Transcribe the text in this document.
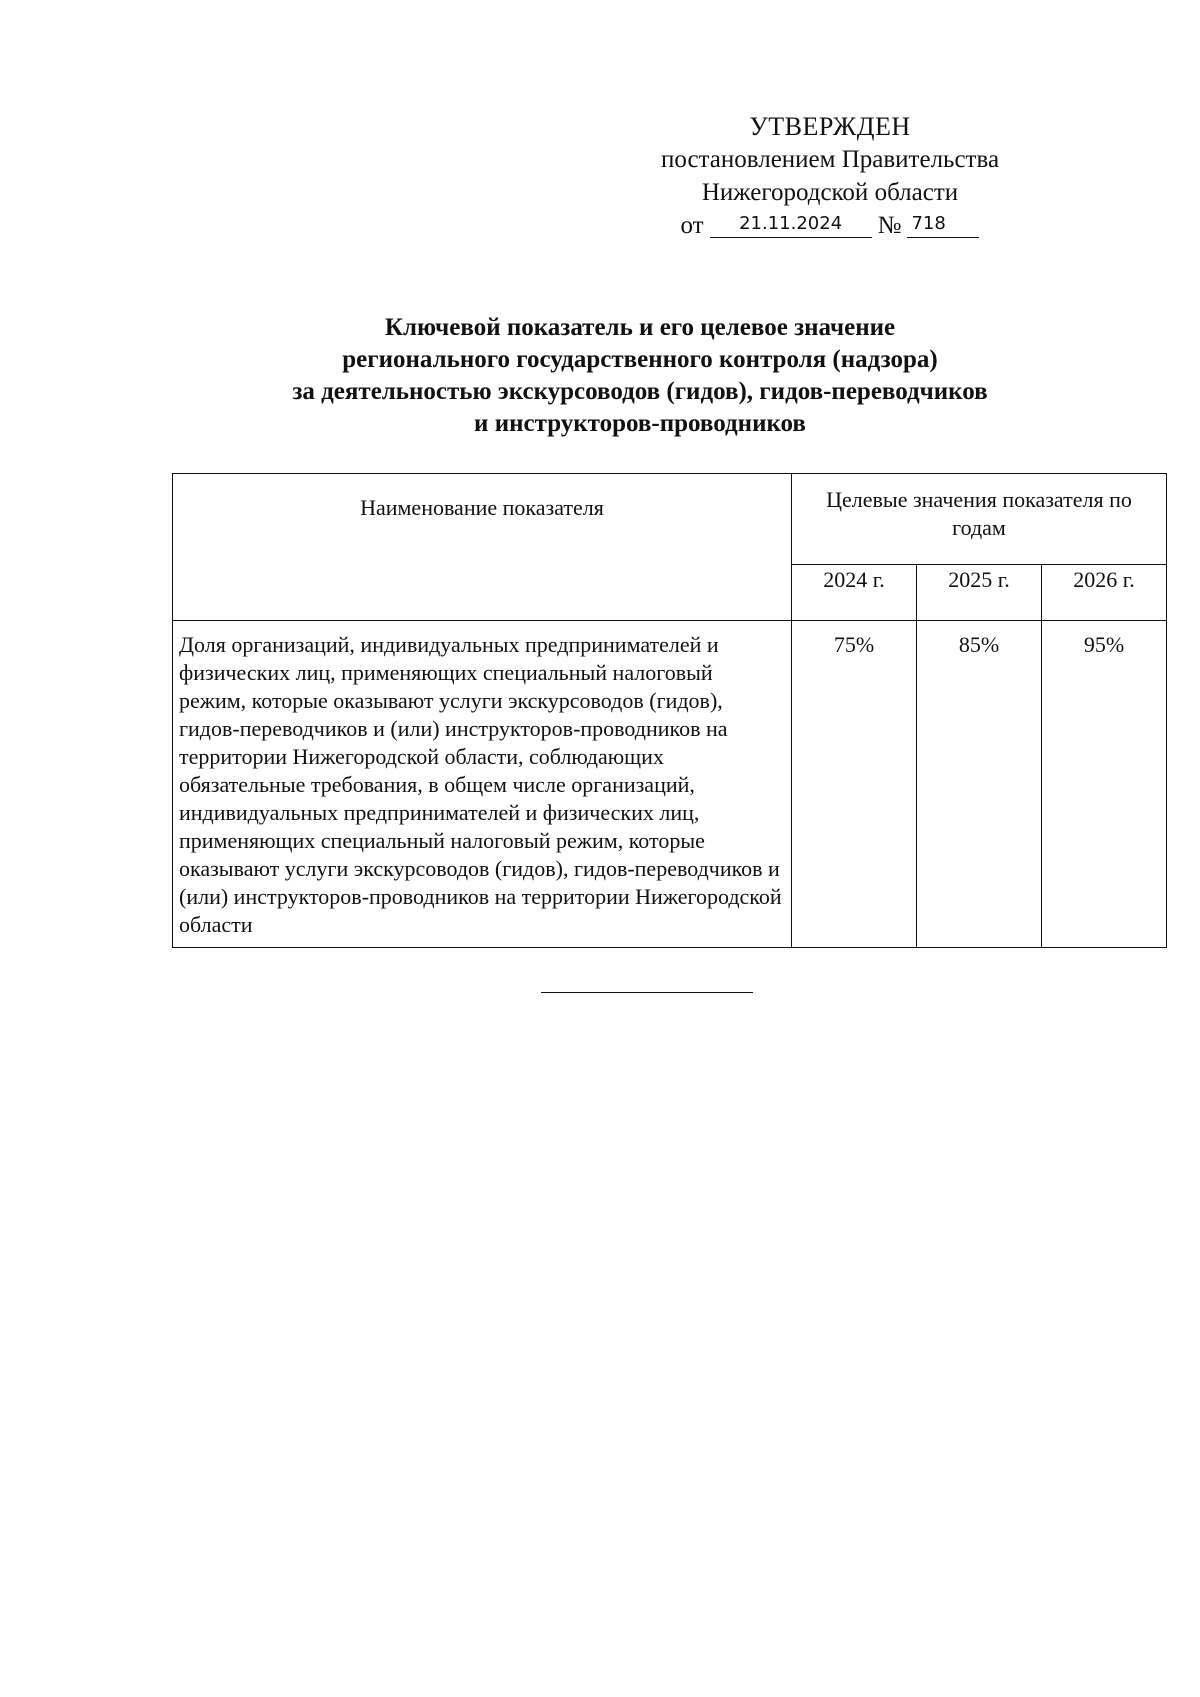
УТВЕРЖДЕН
постановлением Правительства
Нижегородской области
от	21.11.2024	№ 718
Ключевой показатель и его целевое значение
регионального государственного контроля (надзора)
за деятельностью экскурсоводов (гидов), гидов-переводчиков
и инструкторов-проводников
Наименование показателя	Целевые значения показателя по годам		
	2024 г.	2025 г.	2026 г.
Доля организаций, индивидуальных предпринимателей и физических лиц, применяющих специальный налоговый режим, которые оказывают услуги экскурсоводов (гидов), гидов-переводчиков и (или) инструкторов-проводников на территории Нижегородской области, соблюдающих обязательные требования, в общем числе организаций, индивидуальных предпринимателей и физических лиц, применяющих специальный налоговый режим, которые оказывают услуги экскурсоводов (гидов), гидов-переводчиков и (или) инструкторов-проводников на территории Нижегородской области	75%	85%	95%
